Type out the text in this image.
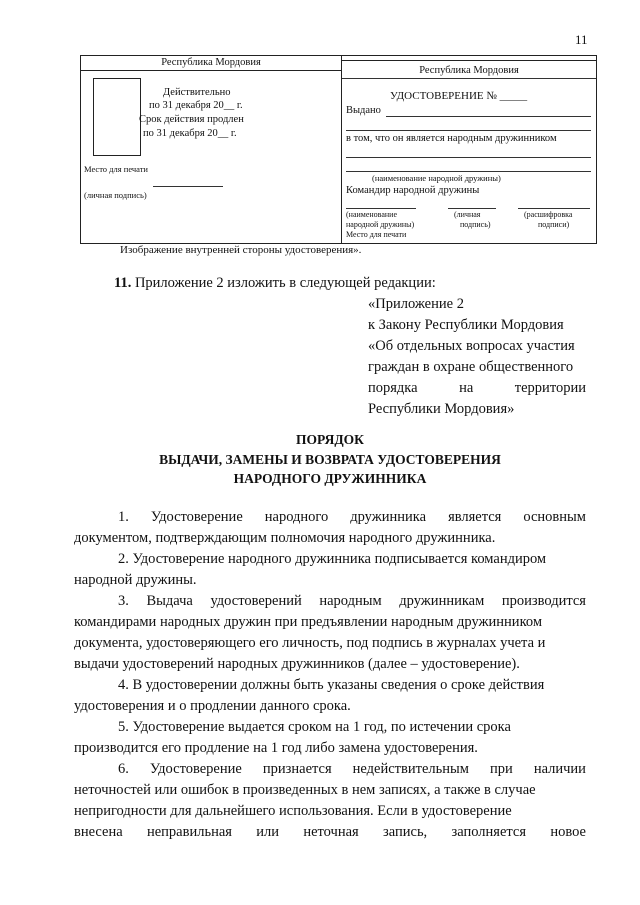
11
Республика Мордовия
Действительно
по 31 декабря 20__ г.
Срок действия продлен
по 31 декабря 20__ г.
Место для печати
(личная подпись)
Республика Мордовия
УДОСТОВЕРЕНИЕ № _____
Выдано
в том, что он является народным дружинником
(наименование народной дружины)
Командир народной дружины
(наименование
народной дружины)
Место для печати
(личная
подпись)
(расшифровка
подписи)
Изображение внутренней стороны удостоверения».
11. Приложение 2 изложить в следующей редакции:
«Приложение 2
к Закону Республики Мордовия
«Об отдельных вопросах участия
граждан в охране общественного
порядка	на	территории
Республики Мордовия»
ПОРЯДОК
ВЫДАЧИ, ЗАМЕНЫ И ВОЗВРАТА УДОСТОВЕРЕНИЯ
НАРОДНОГО ДРУЖИННИКА
1. Удостоверение народного дружинника является основным
документом, подтверждающим полномочия народного дружинника.
2. Удостоверение народного дружинника подписывается командиром
народной дружины.
3. Выдача удостоверений народным дружинникам производится
командирами народных дружин при предъявлении народным дружинником
документа, удостоверяющего его личность, под подпись в журналах учета и
выдачи удостоверений народных дружинников (далее – удостоверение).
4. В удостоверении должны быть указаны сведения о сроке действия
удостоверения и о продлении данного срока.
5. Удостоверение выдается сроком на 1 год, по истечении срока
производится его продление на 1 год либо замена удостоверения.
6. Удостоверение признается недействительным при наличии
неточностей или ошибок в произведенных в нем записях, а также в случае
непригодности для дальнейшего использования. Если в удостоверение
внесена неправильная или неточная запись, заполняется новое
